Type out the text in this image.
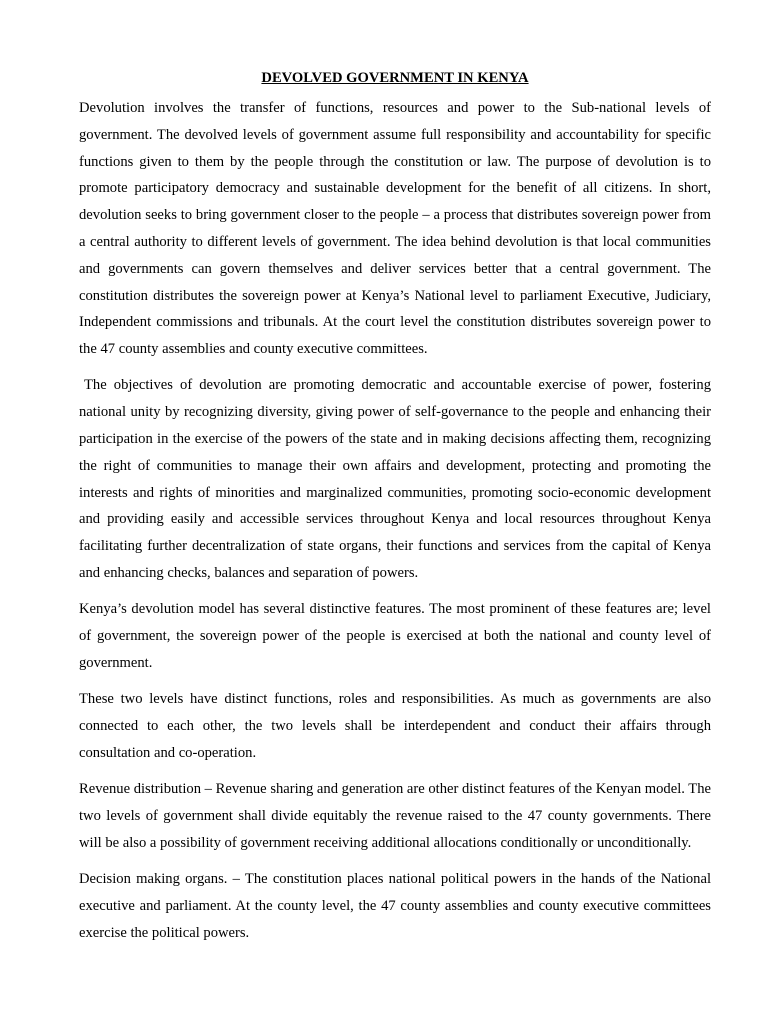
DEVOLVED GOVERNMENT IN KENYA

Devolution involves the transfer of functions, resources and power to the Sub-national levels of government. The devolved levels of government assume full responsibility and accountability for specific functions given to them by the people through the constitution or law. The purpose of devolution is to promote participatory democracy and sustainable development for the benefit of all citizens. In short, devolution seeks to bring government closer to the people – a process that distributes sovereign power from a central authority to different levels of government. The idea behind devolution is that local communities and governments can govern themselves and deliver services better that a central government. The constitution distributes the sovereign power at Kenya’s National level to parliament Executive, Judiciary, Independent commissions and tribunals. At the court level the constitution distributes sovereign power to the 47 county assemblies and county executive committees.

The objectives of devolution are promoting democratic and accountable exercise of power, fostering national unity by recognizing diversity, giving power of self-governance to the people and enhancing their participation in the exercise of the powers of the state and in making decisions affecting them, recognizing the right of communities to manage their own affairs and development, protecting and promoting the interests and rights of minorities and marginalized communities, promoting socio-economic development and providing easily and accessible services throughout Kenya and local resources throughout Kenya facilitating further decentralization of state organs, their functions and services from the capital of Kenya and enhancing checks, balances and separation of powers.

Kenya’s devolution model has several distinctive features. The most prominent of these features are; level of government, the sovereign power of the people is exercised at both the national and county level of government.

These two levels have distinct functions, roles and responsibilities. As much as governments are also connected to each other, the two levels shall be interdependent and conduct their affairs through consultation and co-operation.

Revenue distribution – Revenue sharing and generation are other distinct features of the Kenyan model. The two levels of government shall divide equitably the revenue raised to the 47 county governments. There will be also a possibility of government receiving additional allocations conditionally or unconditionally.

Decision making organs. – The constitution places national political powers in the hands of the National executive and parliament. At the county level, the 47 county assemblies and county executive committees exercise the political powers.
